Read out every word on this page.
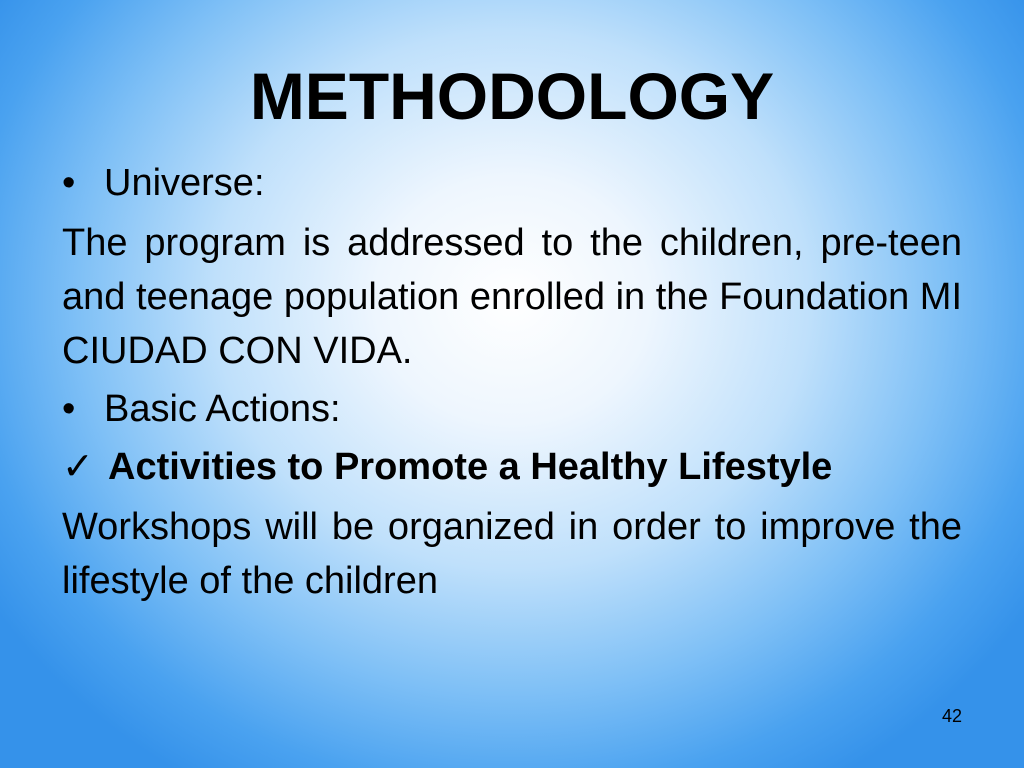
METHODOLOGY
• Universe:

The program is addressed to the children, pre-teen and teenage population enrolled in the Foundation MI CIUDAD CON VIDA.

• Basic Actions:

✓ Activities to Promote a Healthy Lifestyle

Workshops will be organized in order to improve the lifestyle of the children

42
